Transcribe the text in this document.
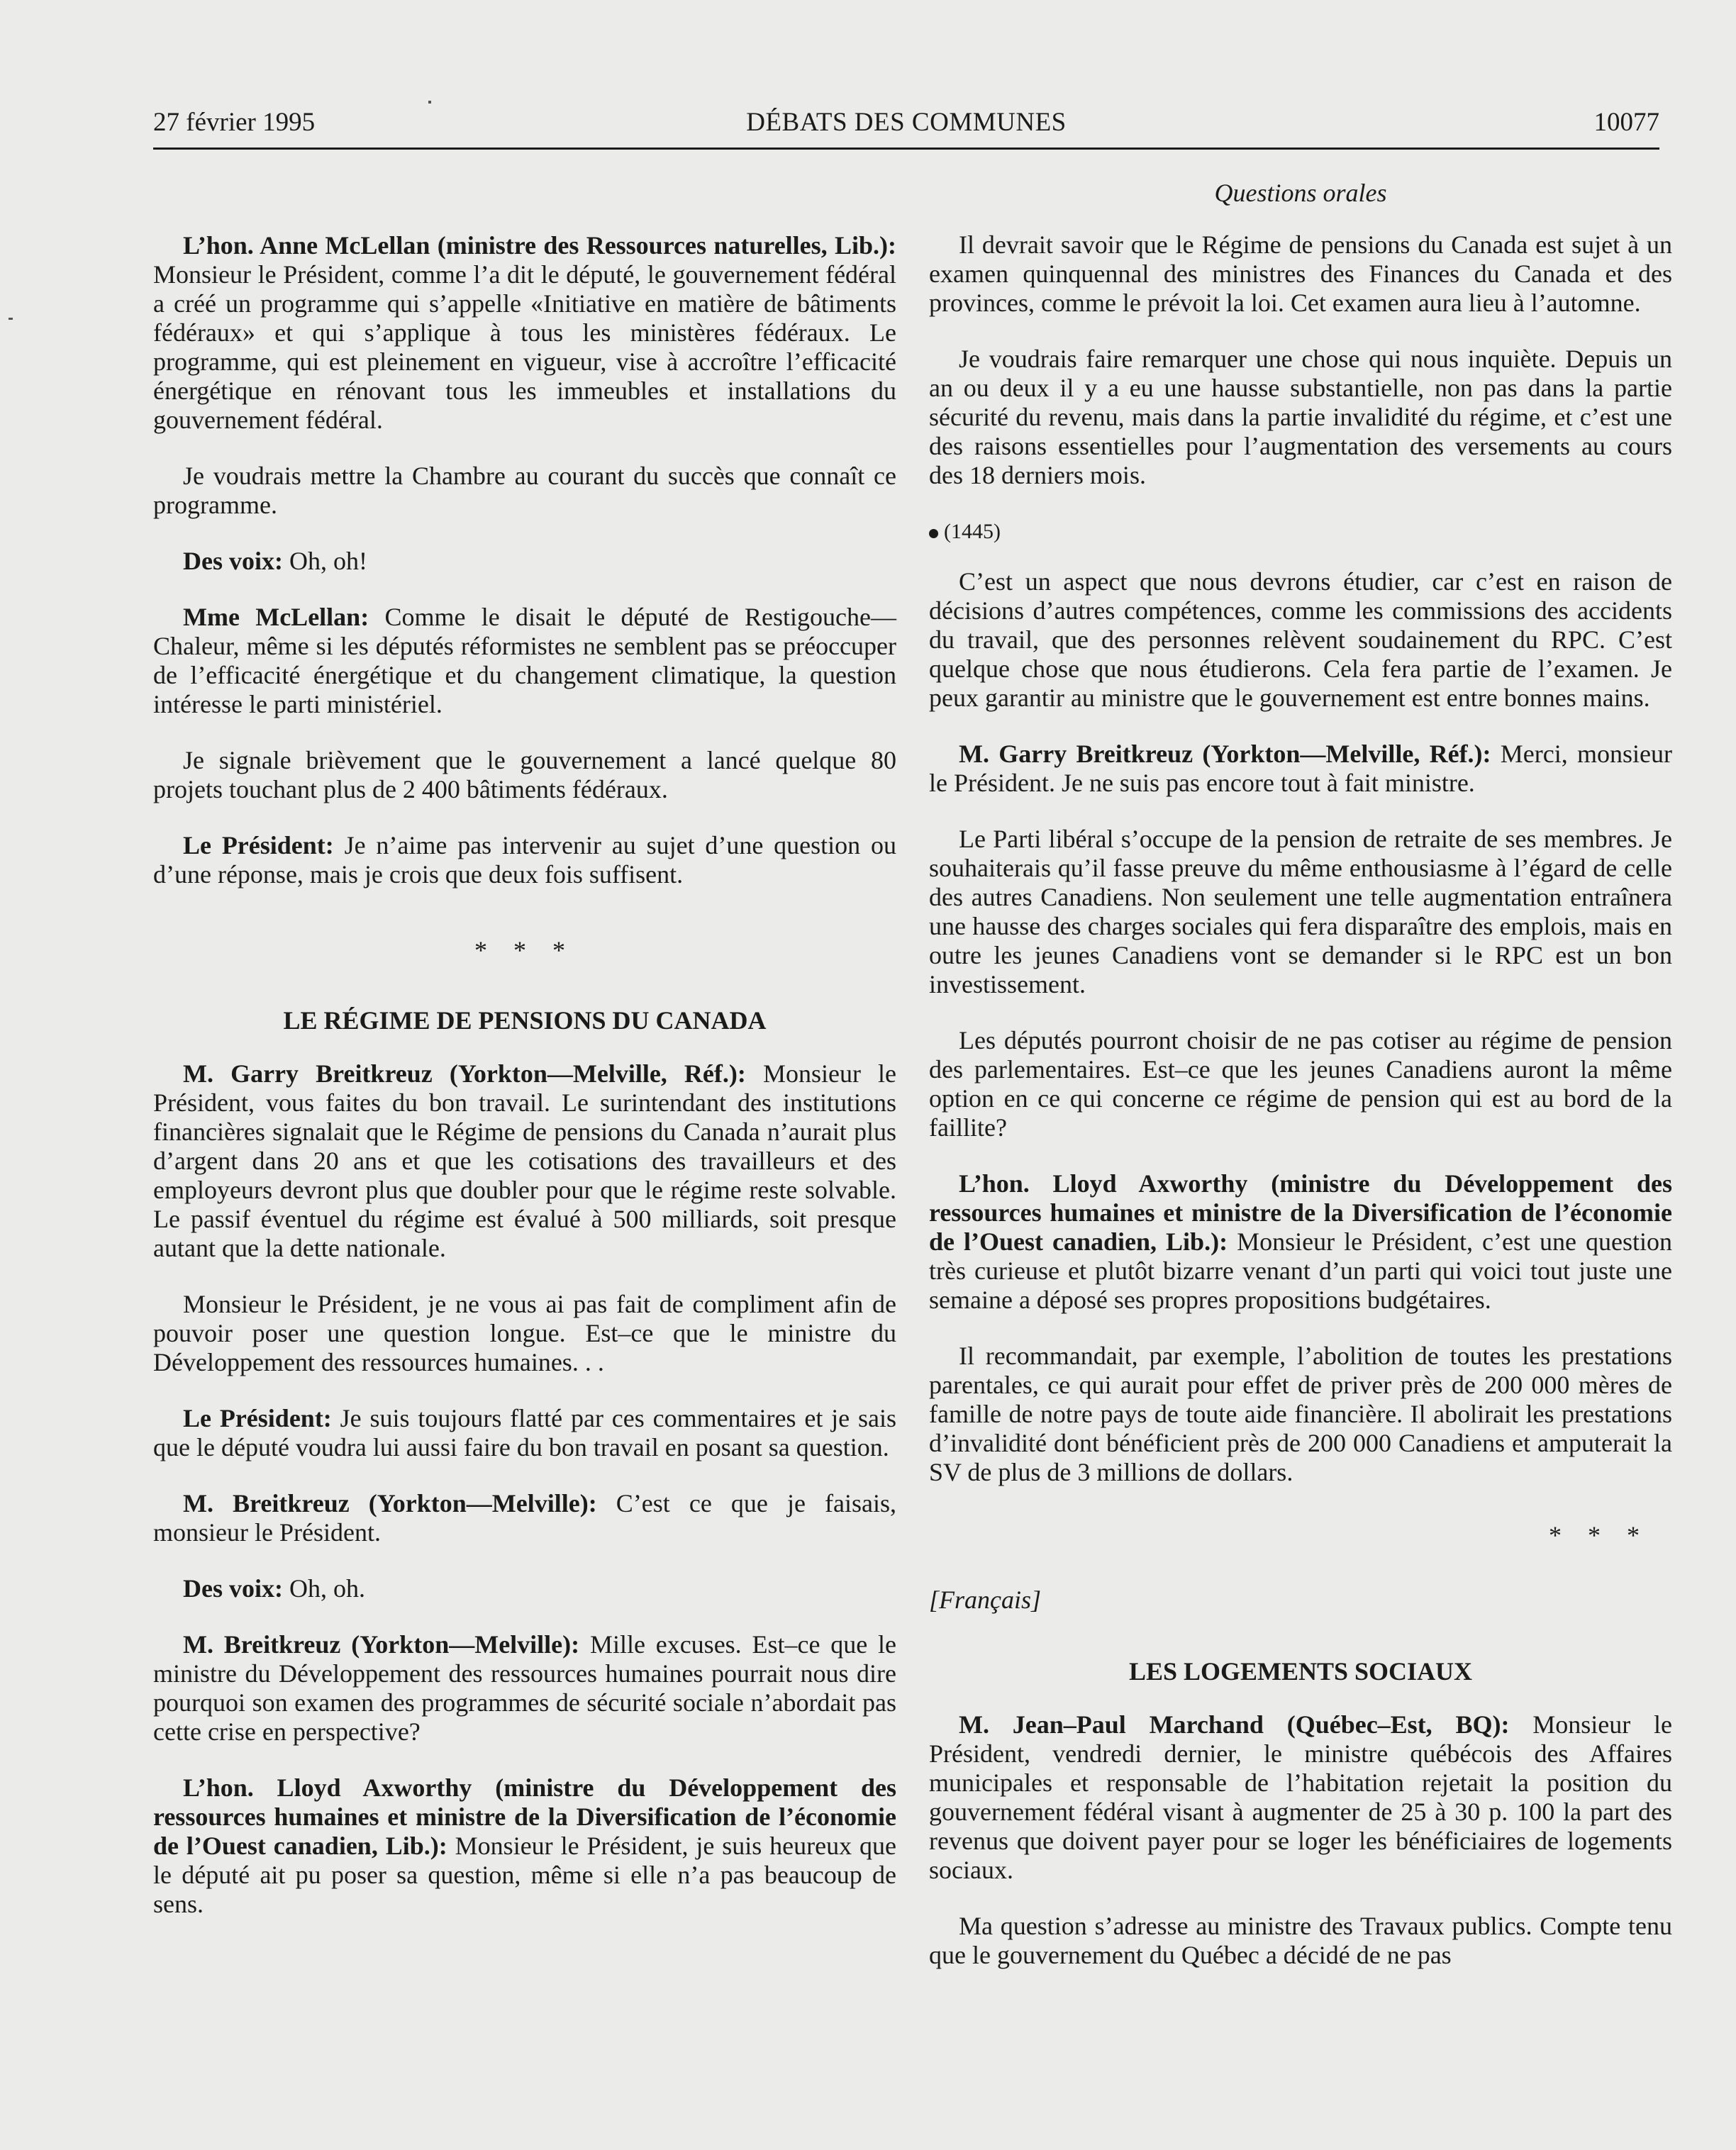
27 février 1995	DÉBATS DES COMMUNES	10077

L’hon. Anne McLellan (ministre des Ressources naturelles, Lib.): Monsieur le Président, comme l’a dit le député, le gouvernement fédéral a créé un programme qui s’appelle «Initiative en matière de bâtiments fédéraux» et qui s’applique à tous les ministères fédéraux. Le programme, qui est pleinement en vigueur, vise à accroître l’efficacité énergétique en rénovant tous les immeubles et installations du gouvernement fédéral.

Je voudrais mettre la Chambre au courant du succès que connaît ce programme.

Des voix: Oh, oh!

Mme McLellan: Comme le disait le député de Restigouche—Chaleur, même si les députés réformistes ne semblent pas se préoccuper de l’efficacité énergétique et du changement climatique, la question intéresse le parti ministériel.

Je signale brièvement que le gouvernement a lancé quelque 80 projets touchant plus de 2 400 bâtiments fédéraux.

Le Président: Je n’aime pas intervenir au sujet d’une question ou d’une réponse, mais je crois que deux fois suffisent.

* * *
LE RÉGIME DE PENSIONS DU CANADA

M. Garry Breitkreuz (Yorkton—Melville, Réf.): Monsieur le Président, vous faites du bon travail. Le surintendant des institutions financières signalait que le Régime de pensions du Canada n’aurait plus d’argent dans 20 ans et que les cotisations des travailleurs et des employeurs devront plus que doubler pour que le régime reste solvable. Le passif éventuel du régime est évalué à 500 milliards, soit presque autant que la dette nationale.

Monsieur le Président, je ne vous ai pas fait de compliment afin de pouvoir poser une question longue. Est–ce que le ministre du Développement des ressources humaines. . .

Le Président: Je suis toujours flatté par ces commentaires et je sais que le député voudra lui aussi faire du bon travail en posant sa question.

M. Breitkreuz (Yorkton—Melville): C’est ce que je faisais, monsieur le Président.

Des voix: Oh, oh.

M. Breitkreuz (Yorkton—Melville): Mille excuses. Est–ce que le ministre du Développement des ressources humaines pourrait nous dire pourquoi son examen des programmes de sécurité sociale n’abordait pas cette crise en perspective?

L’hon. Lloyd Axworthy (ministre du Développement des ressources humaines et ministre de la Diversification de l’économie de l’Ouest canadien, Lib.): Monsieur le Président, je suis heureux que le député ait pu poser sa question, même si elle n’a pas beaucoup de sens.

Questions orales

Il devrait savoir que le Régime de pensions du Canada est sujet à un examen quinquennal des ministres des Finances du Canada et des provinces, comme le prévoit la loi. Cet examen aura lieu à l’automne.

Je voudrais faire remarquer une chose qui nous inquiète. Depuis un an ou deux il y a eu une hausse substantielle, non pas dans la partie sécurité du revenu, mais dans la partie invalidité du régime, et c’est une des raisons essentielles pour l’augmentation des versements au cours des 18 derniers mois.

(1445)

C’est un aspect que nous devrons étudier, car c’est en raison de décisions d’autres compétences, comme les commissions des accidents du travail, que des personnes relèvent soudainement du RPC. C’est quelque chose que nous étudierons. Cela fera partie de l’examen. Je peux garantir au ministre que le gouvernement est entre bonnes mains.

M. Garry Breitkreuz (Yorkton—Melville, Réf.): Merci, monsieur le Président. Je ne suis pas encore tout à fait ministre.

Le Parti libéral s’occupe de la pension de retraite de ses membres. Je souhaiterais qu’il fasse preuve du même enthousiasme à l’égard de celle des autres Canadiens. Non seulement une telle augmentation entraînera une hausse des charges sociales qui fera disparaître des emplois, mais en outre les jeunes Canadiens vont se demander si le RPC est un bon investissement.

Les députés pourront choisir de ne pas cotiser au régime de pension des parlementaires. Est–ce que les jeunes Canadiens auront la même option en ce qui concerne ce régime de pension qui est au bord de la faillite?

L’hon. Lloyd Axworthy (ministre du Développement des ressources humaines et ministre de la Diversification de l’économie de l’Ouest canadien, Lib.): Monsieur le Président, c’est une question très curieuse et plutôt bizarre venant d’un parti qui voici tout juste une semaine a déposé ses propres propositions budgétaires.

Il recommandait, par exemple, l’abolition de toutes les prestations parentales, ce qui aurait pour effet de priver près de 200 000 mères de famille de notre pays de toute aide financière. Il abolirait les prestations d’invalidité dont bénéficient près de 200 000 Canadiens et amputerait la SV de plus de 3 millions de dollars.

* * *
[Français]
LES LOGEMENTS SOCIAUX

M. Jean–Paul Marchand (Québec–Est, BQ): Monsieur le Président, vendredi dernier, le ministre québécois des Affaires municipales et responsable de l’habitation rejetait la position du gouvernement fédéral visant à augmenter de 25 à 30 p. 100 la part des revenus que doivent payer pour se loger les bénéficiaires de logements sociaux.

Ma question s’adresse au ministre des Travaux publics. Compte tenu que le gouvernement du Québec a décidé de ne pas
